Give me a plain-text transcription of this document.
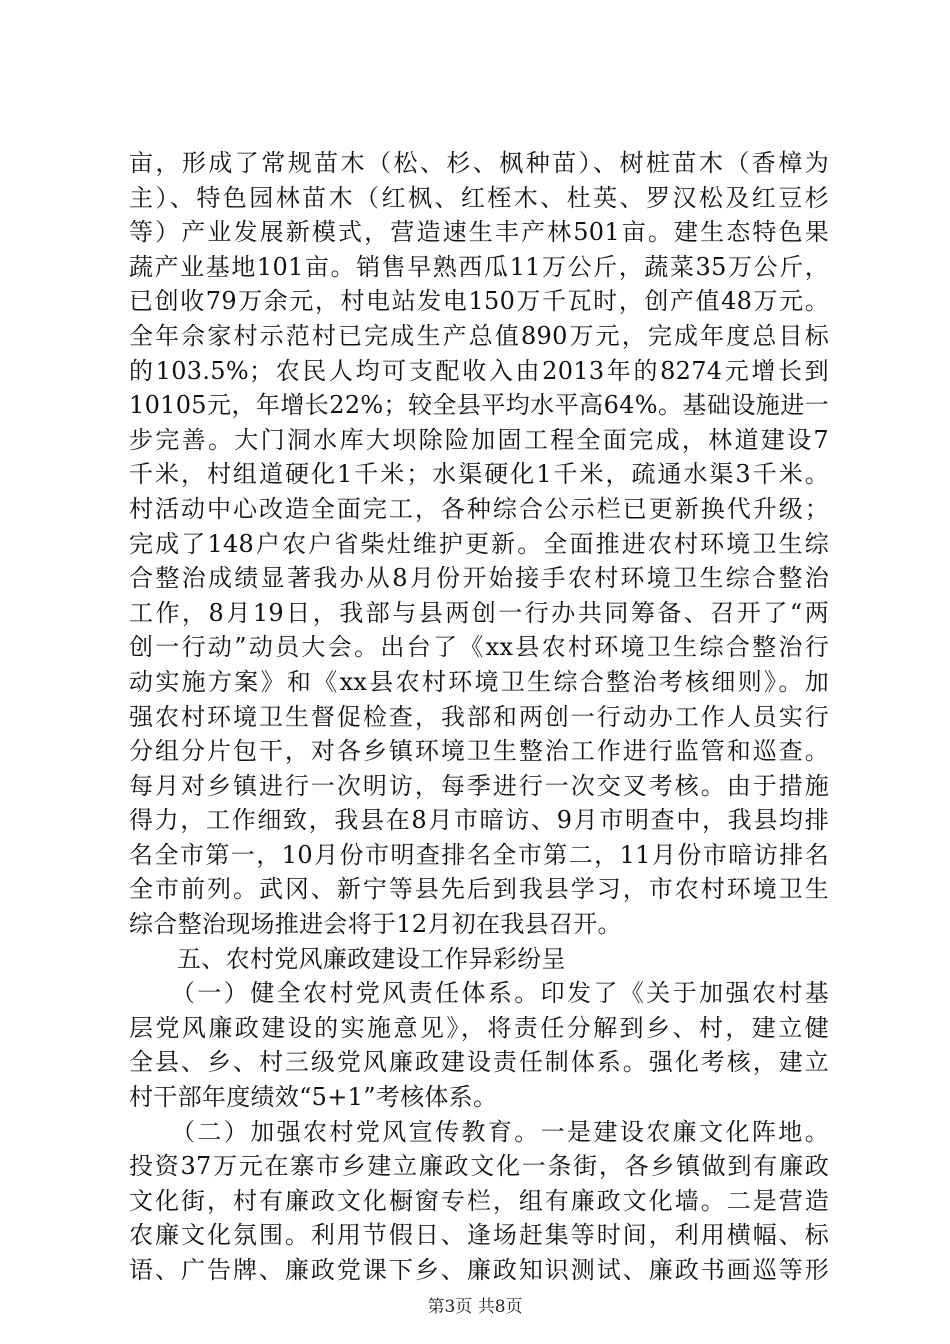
亩，形成了常规苗木（松、杉、枫种苗）、树桩苗木（香樟为
主）、特色园林苗木（红枫、红桎木、杜英、罗汉松及红豆杉
等）产业发展新模式，营造速生丰产林501亩。建生态特色果
蔬产业基地101亩。销售早熟西瓜11万公斤，蔬菜35万公斤，
已创收79万余元，村电站发电150万千瓦时，创产值48万元。
全年佘家村示范村已完成生产总值890万元，完成年度总目标
的103.5%；农民人均可支配收入由2013年的8274元增长到
10105元，年增长22%；较全县平均水平高64%。基础设施进一
步完善。大门洞水库大坝除险加固工程全面完成，林道建设7
千米，村组道硬化1千米；水渠硬化1千米，疏通水渠3千米。
村活动中心改造全面完工，各种综合公示栏已更新换代升级；
完成了148户农户省柴灶维护更新。全面推进农村环境卫生综
合整治成绩显著我办从8月份开始接手农村环境卫生综合整治
工作，8月19日，我部与县两创一行办共同筹备、召开了“两
创一行动”动员大会。出台了《xx县农村环境卫生综合整治行
动实施方案》和《xx县农村环境卫生综合整治考核细则》。加
强农村环境卫生督促检查，我部和两创一行动办工作人员实行
分组分片包干，对各乡镇环境卫生整治工作进行监管和巡查。
每月对乡镇进行一次明访，每季进行一次交叉考核。由于措施
得力，工作细致，我县在8月市暗访、9月市明查中，我县均排
名全市第一，10月份市明查排名全市第二，11月份市暗访排名
全市前列。武冈、新宁等县先后到我县学习，市农村环境卫生
综合整治现场推进会将于12月初在我县召开。
五、农村党风廉政建设工作异彩纷呈
（一）健全农村党风责任体系。印发了《关于加强农村基
层党风廉政建设的实施意见》，将责任分解到乡、村，建立健
全县、乡、村三级党风廉政建设责任制体系。强化考核，建立
村干部年度绩效“5+1”考核体系。
（二）加强农村党风宣传教育。一是建设农廉文化阵地。
投资37万元在寨市乡建立廉政文化一条街，各乡镇做到有廉政
文化街，村有廉政文化橱窗专栏，组有廉政文化墙。二是营造
农廉文化氛围。利用节假日、逢场赶集等时间，利用横幅、标
语、广告牌、廉政党课下乡、廉政知识测试、廉政书画巡等形
第3页 共8页
